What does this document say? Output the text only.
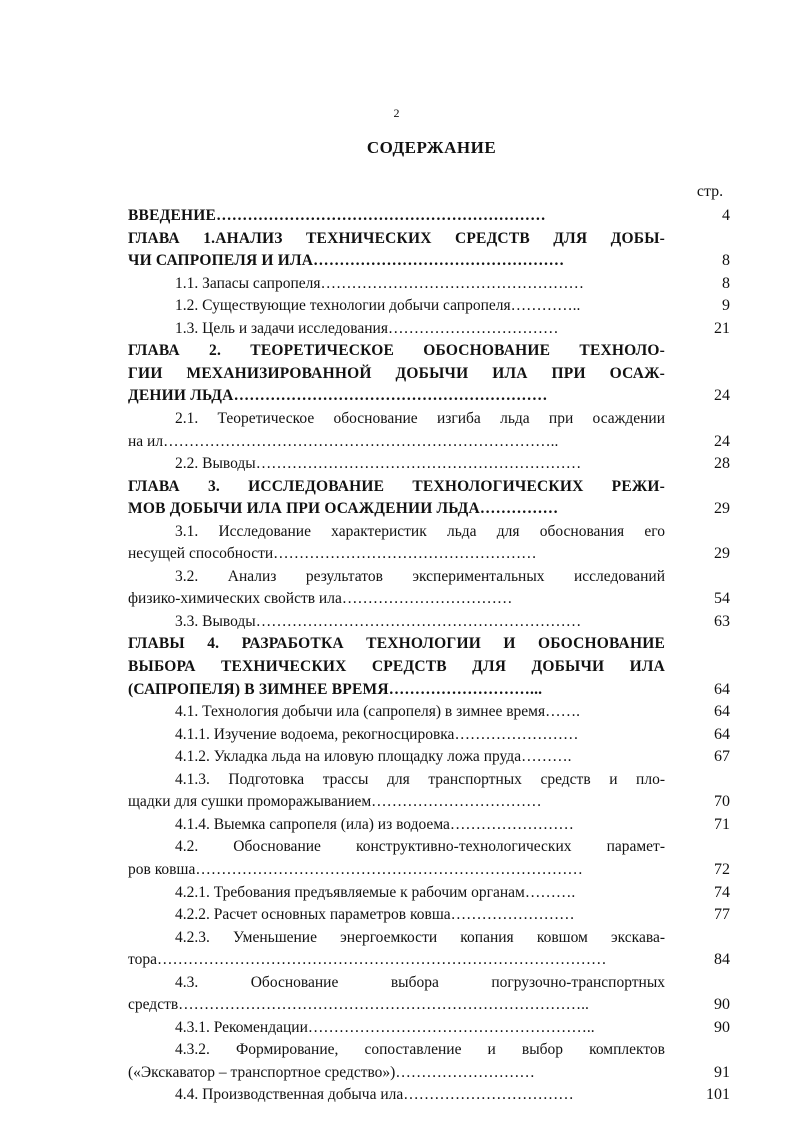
2
СОДЕРЖАНИЕ
стр.
ВВЕДЕНИЕ………………………………………………………	4
ГЛАВА 1.АНАЛИЗ ТЕХНИЧЕСКИХ СРЕДСТВ ДЛЯ ДОБЫ-
ЧИ САПРОПЕЛЯ И ИЛА…………………………………………	8
1.1. Запасы сапропеля……………………………………………	8
1.2. Существующие технологии добычи сапропеля…………..	9
1.3. Цель и задачи исследования……………………………	21
ГЛАВА 2. ТЕОРЕТИЧЕСКОЕ ОБОСНОВАНИЕ ТЕХНОЛО-
ГИИ МЕХАНИЗИРОВАННОЙ ДОБЫЧИ ИЛА ПРИ ОСАЖ-
ДЕНИИ ЛЬДА……………………………………………………	24
2.1. Теоретическое обоснование изгиба льда при осаждении
на ил…………………………………………………………………..	24
2.2. Выводы………………………………………………………	28
ГЛАВА 3. ИССЛЕДОВАНИЕ ТЕХНОЛОГИЧЕСКИХ РЕЖИ-
МОВ ДОБЫЧИ ИЛА ПРИ ОСАЖДЕНИИ ЛЬДА……………	29
3.1. Исследование характеристик льда для обоснования его
несущей способности……………………………………………	29
3.2. Анализ результатов экспериментальных исследований
физико-химических свойств ила……………………………	54
3.3. Выводы………………………………………………………	63
ГЛАВЫ 4. РАЗРАБОТКА ТЕХНОЛОГИИ И ОБОСНОВАНИЕ
ВЫБОРА ТЕХНИЧЕСКИХ СРЕДСТВ ДЛЯ ДОБЫЧИ ИЛА
(САПРОПЕЛЯ) В ЗИМНЕЕ ВРЕМЯ………………………...	64
4.1. Технология добычи ила (сапропеля) в зимнее время…….	64
4.1.1. Изучение водоема, рекогносцировка……………………	64
4.1.2. Укладка льда на иловую площадку ложа пруда……….	67
4.1.3. Подготовка трассы для транспортных средств и пло-
щадки для сушки проморажыванием……………………………	70
4.1.4. Выемка сапропеля (ила) из водоема……………………	71
4.2. Обоснование конструктивно-технологических парамет-
ров ковша…………………………………………………………………	72
4.2.1. Требования предъявляемые к рабочим органам……….	74
4.2.2. Расчет основных параметров ковша……………………	77
4.2.3. Уменьшение энергоемкости копания ковшом экскава-
тора……………………………………………………………………………	84
4.3. Обоснование выбора погрузочно-транспортных
средств……………………………………………………………………..	90
4.3.1. Рекомендации………………………………………………..	90
4.3.2. Формирование, сопоставление и выбор комплектов
(«Экскаватор – транспортное средство»)………………………	91
4.4. Производственная добыча ила……………………………	101
